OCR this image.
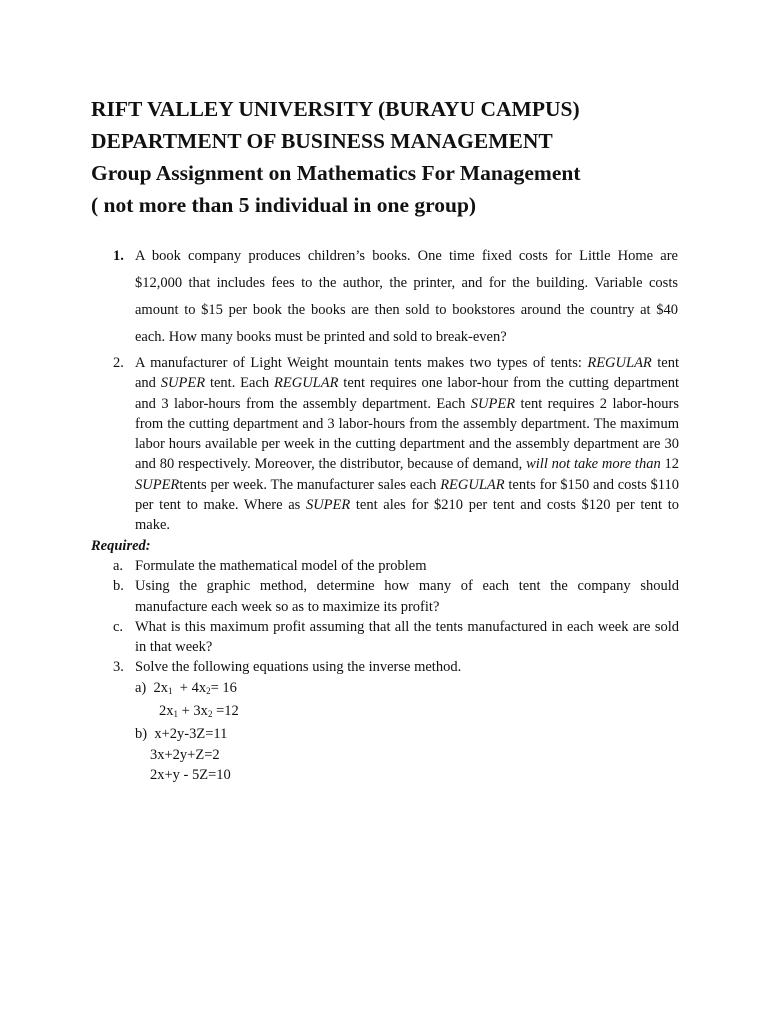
RIFT VALLEY UNIVERSITY (BURAYU CAMPUS)
DEPARTMENT OF BUSINESS MANAGEMENT
Group Assignment on Mathematics For Management
( not more than 5 individual in one group)
1. A book company produces children’s books. One time fixed costs for Little Home are $12,000 that includes fees to the author, the printer, and for the building. Variable costs amount to $15 per book the books are then sold to bookstores around the country at $40 each. How many books must be printed and sold to break-even?
2. A manufacturer of Light Weight mountain tents makes two types of tents: REGULAR tent and SUPER tent. Each REGULAR tent requires one labor-hour from the cutting department and 3 labor-hours from the assembly department. Each SUPER tent requires 2 labor-hours from the cutting department and 3 labor-hours from the assembly department. The maximum labor hours available per week in the cutting department and the assembly department are 30 and 80 respectively. Moreover, the distributor, because of demand, will not take more than 12 SUPERtents per week. The manufacturer sales each REGULAR tents for $150 and costs $110 per tent to make. Where as SUPER tent ales for $210 per tent and costs $120 per tent to make.
Required:
a. Formulate the mathematical model of the problem
b. Using the graphic method, determine how many of each tent the company should manufacture each week so as to maximize its profit?
c. What is this maximum profit assuming that all the tents manufactured in each week are sold in that week?
3. Solve the following equations using the inverse method.
a)  $2x_1 + 4x_2= 16$
$2x_1 + 3x_2 =12$
b) x+2y-3Z=11
3x+2y+Z=2
2x+y - 5Z=10
